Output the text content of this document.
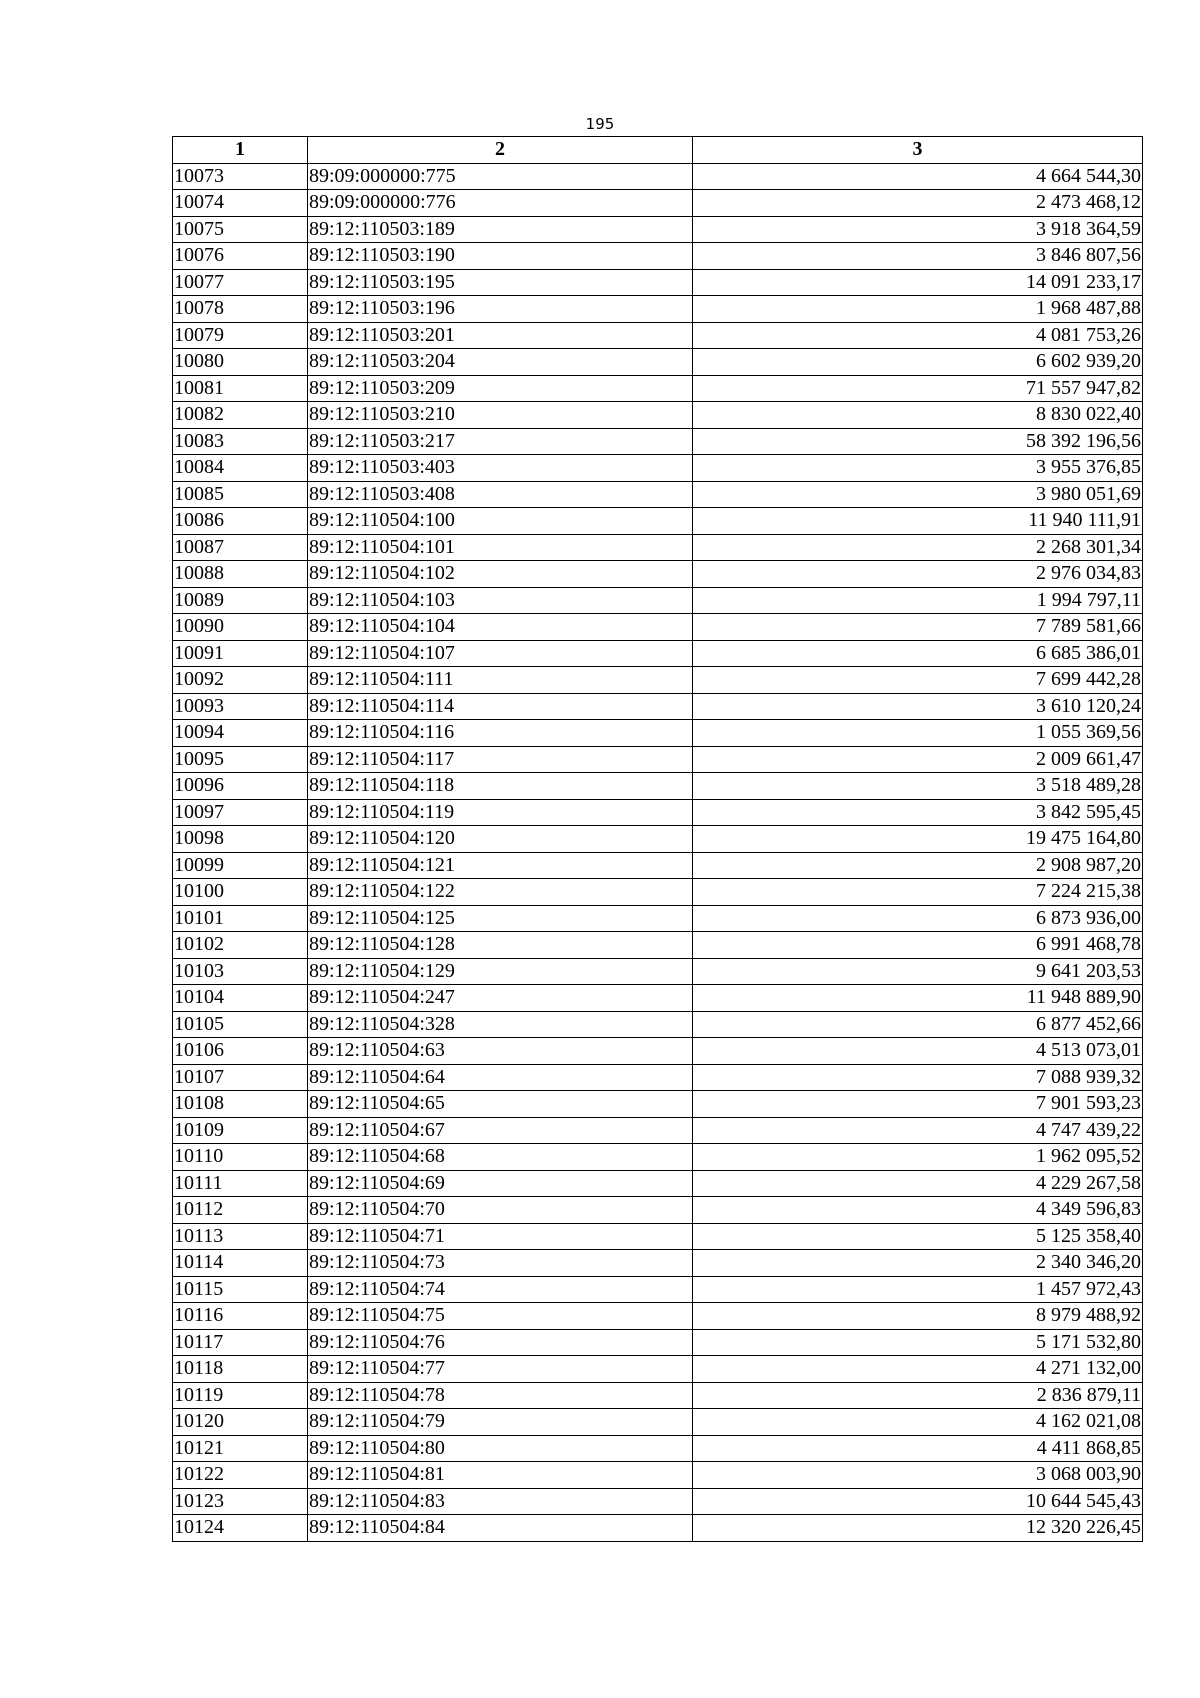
195
1	2	3
10073	89:09:000000:775	4 664 544,30
10074	89:09:000000:776	2 473 468,12
10075	89:12:110503:189	3 918 364,59
10076	89:12:110503:190	3 846 807,56
10077	89:12:110503:195	14 091 233,17
10078	89:12:110503:196	1 968 487,88
10079	89:12:110503:201	4 081 753,26
10080	89:12:110503:204	6 602 939,20
10081	89:12:110503:209	71 557 947,82
10082	89:12:110503:210	8 830 022,40
10083	89:12:110503:217	58 392 196,56
10084	89:12:110503:403	3 955 376,85
10085	89:12:110503:408	3 980 051,69
10086	89:12:110504:100	11 940 111,91
10087	89:12:110504:101	2 268 301,34
10088	89:12:110504:102	2 976 034,83
10089	89:12:110504:103	1 994 797,11
10090	89:12:110504:104	7 789 581,66
10091	89:12:110504:107	6 685 386,01
10092	89:12:110504:111	7 699 442,28
10093	89:12:110504:114	3 610 120,24
10094	89:12:110504:116	1 055 369,56
10095	89:12:110504:117	2 009 661,47
10096	89:12:110504:118	3 518 489,28
10097	89:12:110504:119	3 842 595,45
10098	89:12:110504:120	19 475 164,80
10099	89:12:110504:121	2 908 987,20
10100	89:12:110504:122	7 224 215,38
10101	89:12:110504:125	6 873 936,00
10102	89:12:110504:128	6 991 468,78
10103	89:12:110504:129	9 641 203,53
10104	89:12:110504:247	11 948 889,90
10105	89:12:110504:328	6 877 452,66
10106	89:12:110504:63	4 513 073,01
10107	89:12:110504:64	7 088 939,32
10108	89:12:110504:65	7 901 593,23
10109	89:12:110504:67	4 747 439,22
10110	89:12:110504:68	1 962 095,52
10111	89:12:110504:69	4 229 267,58
10112	89:12:110504:70	4 349 596,83
10113	89:12:110504:71	5 125 358,40
10114	89:12:110504:73	2 340 346,20
10115	89:12:110504:74	1 457 972,43
10116	89:12:110504:75	8 979 488,92
10117	89:12:110504:76	5 171 532,80
10118	89:12:110504:77	4 271 132,00
10119	89:12:110504:78	2 836 879,11
10120	89:12:110504:79	4 162 021,08
10121	89:12:110504:80	4 411 868,85
10122	89:12:110504:81	3 068 003,90
10123	89:12:110504:83	10 644 545,43
10124	89:12:110504:84	12 320 226,45
